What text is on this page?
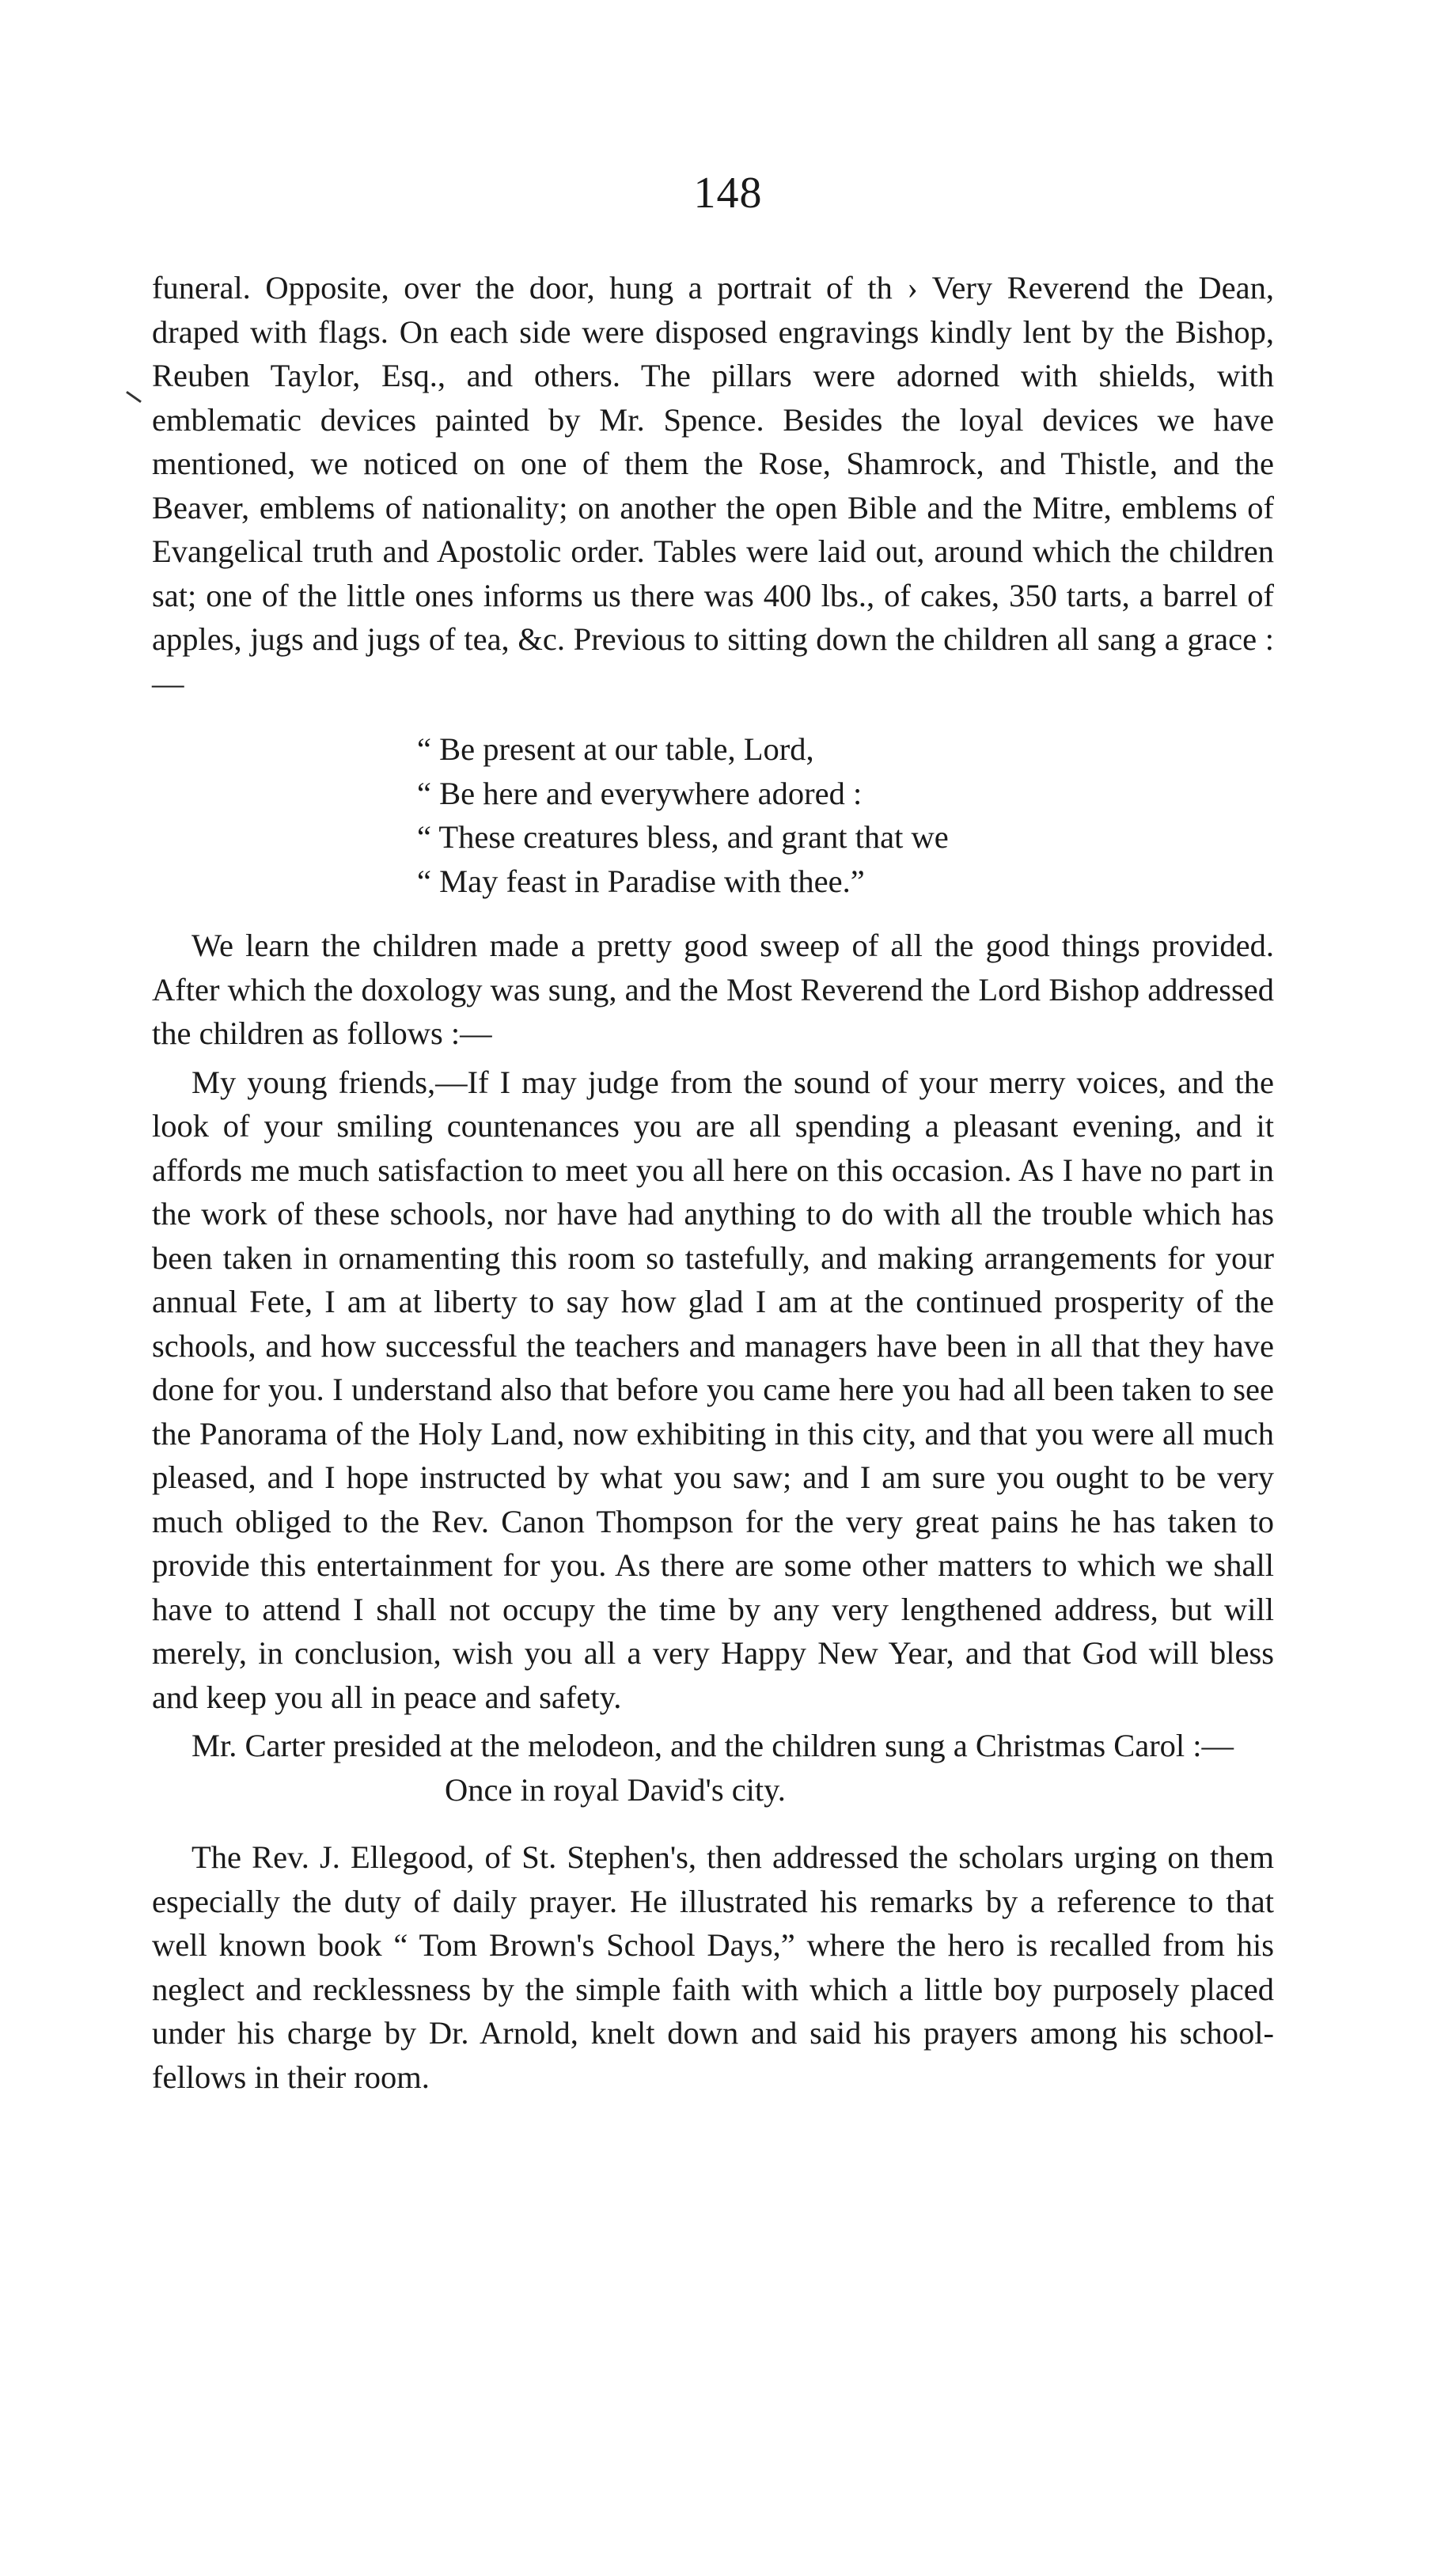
148

funeral. Opposite, over the door, hung a portrait of th › Very Reverend the Dean, draped with flags. On each side were disposed engravings kindly lent by the Bishop, Reuben Taylor, Esq., and others. The pillars were adorned with shields, with emblematic devices painted by Mr. Spence. Besides the loyal devices we have mentioned, we noticed on one of them the Rose, Shamrock, and Thistle, and the Beaver, emblems of nationality; on another the open Bible and the Mitre, emblems of Evangelical truth and Apostolic order. Tables were laid out, around which the children sat; one of the little ones informs us there was 400 lbs., of cakes, 350 tarts, a barrel of apples, jugs and jugs of tea, &c. Previous to sitting down the children all sang a grace :—

“ Be present at our table, Lord,
“ Be here and everywhere adored :
“ These creatures bless, and grant that we
“ May feast in Paradise with thee.”

We learn the children made a pretty good sweep of all the good things provided. After which the doxology was sung, and the Most Reverend the Lord Bishop addressed the children as follows :—

My young friends,—If I may judge from the sound of your merry voices, and the look of your smiling countenances you are all spending a pleasant evening, and it affords me much satisfaction to meet you all here on this occasion. As I have no part in the work of these schools, nor have had anything to do with all the trouble which has been taken in ornamenting this room so tastefully, and making arrangements for your annual Fete, I am at liberty to say how glad I am at the continued prosperity of the schools, and how successful the teachers and managers have been in all that they have done for you. I understand also that before you came here you had all been taken to see the Panorama of the Holy Land, now exhibiting in this city, and that you were all much pleased, and I hope instructed by what you saw; and I am sure you ought to be very much obliged to the Rev. Canon Thompson for the very great pains he has taken to provide this entertainment for you. As there are some other matters to which we shall have to attend I shall not occupy the time by any very lengthened address, but will merely, in conclusion, wish you all a very Happy New Year, and that God will bless and keep you all in peace and safety.

Mr. Carter presided at the melodeon, and the children sung a Christmas Carol :—

Once in royal David's city.

The Rev. J. Ellegood, of St. Stephen's, then addressed the scholars urging on them especially the duty of daily prayer. He illustrated his remarks by a reference to that well known book “ Tom Brown's School Days,” where the hero is recalled from his neglect and recklessness by the simple faith with which a little boy purposely placed under his charge by Dr. Arnold, knelt down and said his prayers among his school-fellows in their room.
